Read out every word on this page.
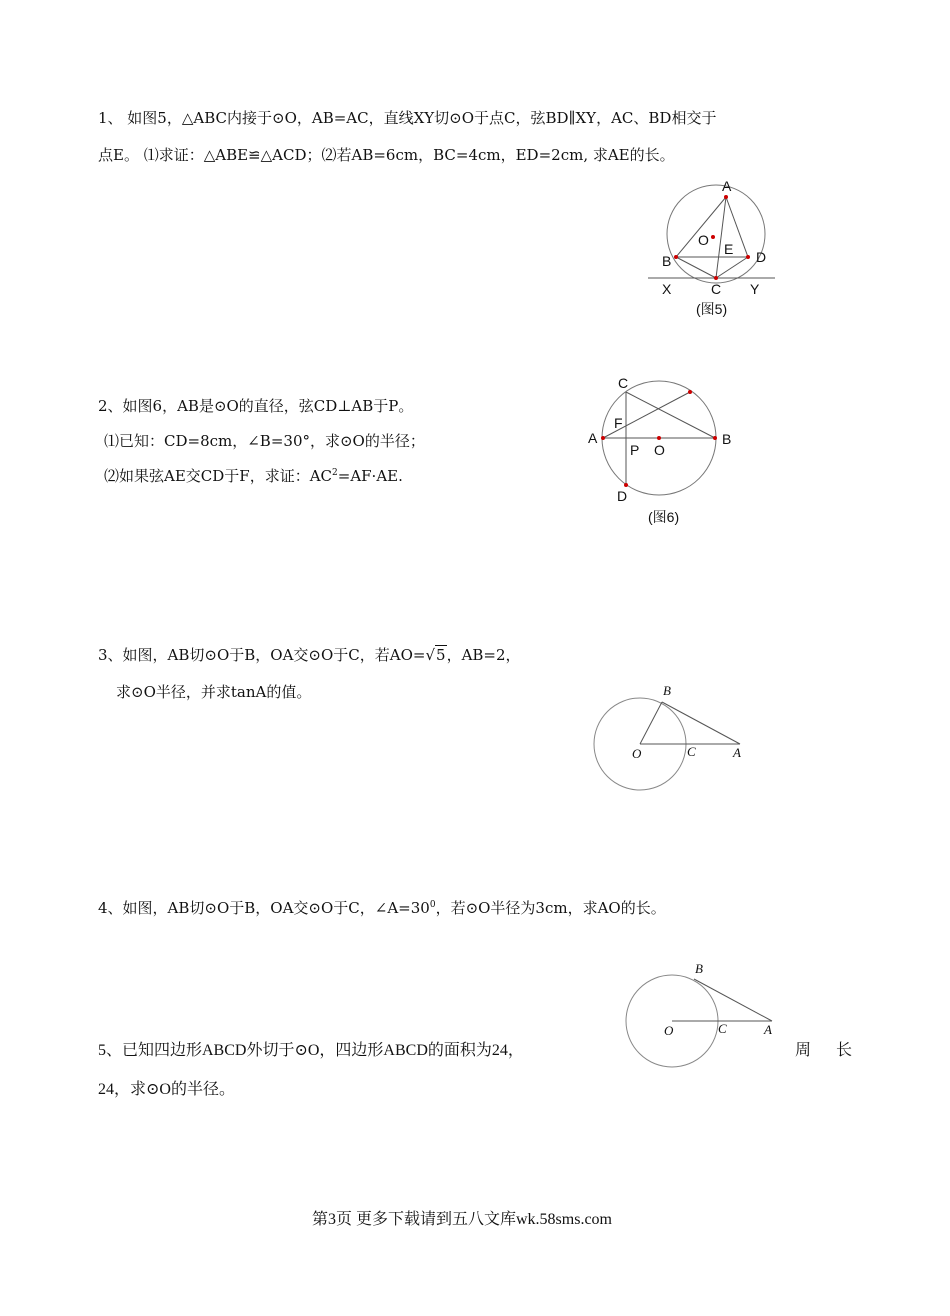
1、 如图5，△ABC内接于⊙O，AB=AC，直线XY切⊙O于点C，弦BD∥XY，AC、BD相交于
点E。 ⑴求证：△ABE≌△ACD；⑵若AB=6cm，BC=4cm，ED=2cm, 求AE的长。
A
O
E
B	D
X	C Y
(图5)
2、如图6，AB是⊙O的直径，弦CD⊥AB于P。
⑴已知：CD=8cm，∠B=30°，求⊙O的半径；
⑵如果弦AE交CD于F，求证：$AC^2=AF\cdot AE$.
C
F
A
P O
B
D
(图6)
3、如图，AB切⊙O于B，OA交⊙O于C，若AO=√5，AB=2，
求⊙O半径，并求tanA的值。	B
O	C	A
4、如图，AB切⊙O于B，OA交⊙O于C，$\angle A=30^0$，若⊙O半径为3cm，求AO的长。
B
O	C	A
5、已知四边形ABCD外切于⊙O，四边形ABCD的面积为24，	周 长
24，求⊙O的半径。
第3页 更多下载请到五八文库wk.58sms.com
